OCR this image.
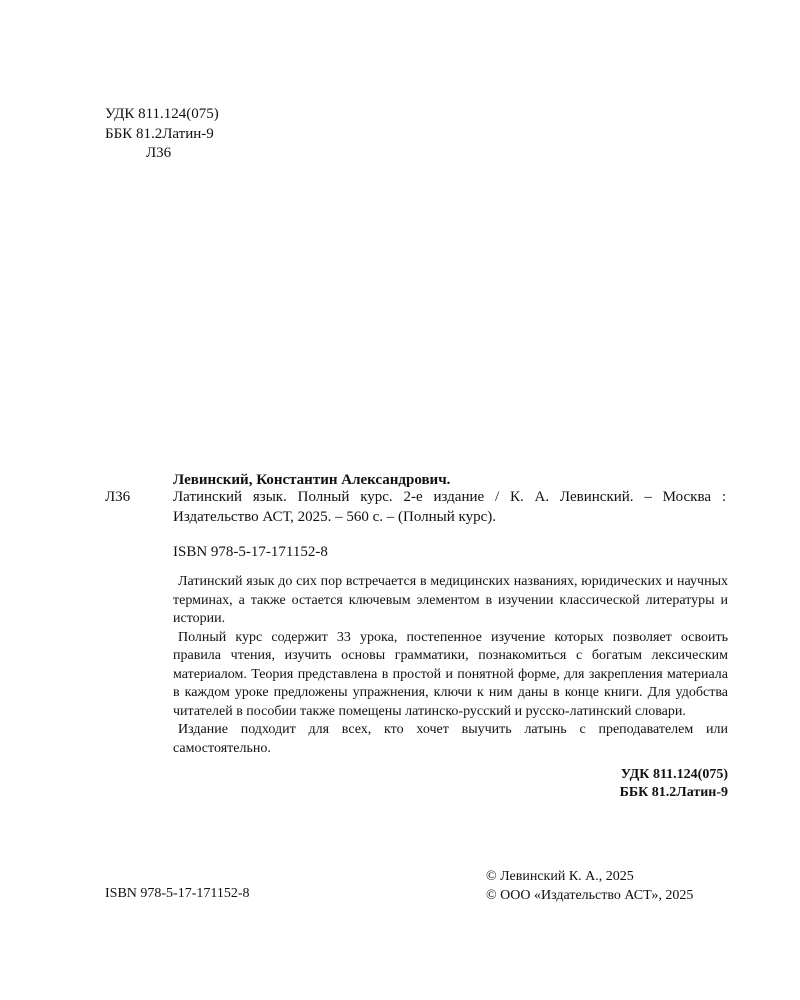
УДК 811.124(075)
ББК 81.2Латин-9
Л36
Левинский, Константин Александрович.
Л36	Латинский язык. Полный курс. 2-е издание / К. А. Левинский. – Москва : Издательство АСТ, 2025. – 560 с. – (Полный курс).
ISBN 978-5-17-171152-8

Латинский язык до сих пор встречается в медицинских названиях, юридических и научных терминах, а также остается ключевым элементом в изучении классической литературы и истории.

Полный курс содержит 33 урока, постепенное изучение которых позволяет освоить правила чтения, изучить основы грамматики, познакомиться с богатым лексическим материалом. Теория представлена в простой и понятной форме, для закрепления материала в каждом уроке предложены упражнения, ключи к ним даны в конце книги. Для удобства читателей в пособии также помещены латинско-русский и русско-латинский словари.

Издание подходит для всех, кто хочет выучить латынь с преподавателем или самостоятельно.

УДК 811.124(075)
ББК 81.2Латин-9
© Левинский К. А., 2025
© ООО «Издательство АСТ», 2025
ISBN 978-5-17-171152-8
